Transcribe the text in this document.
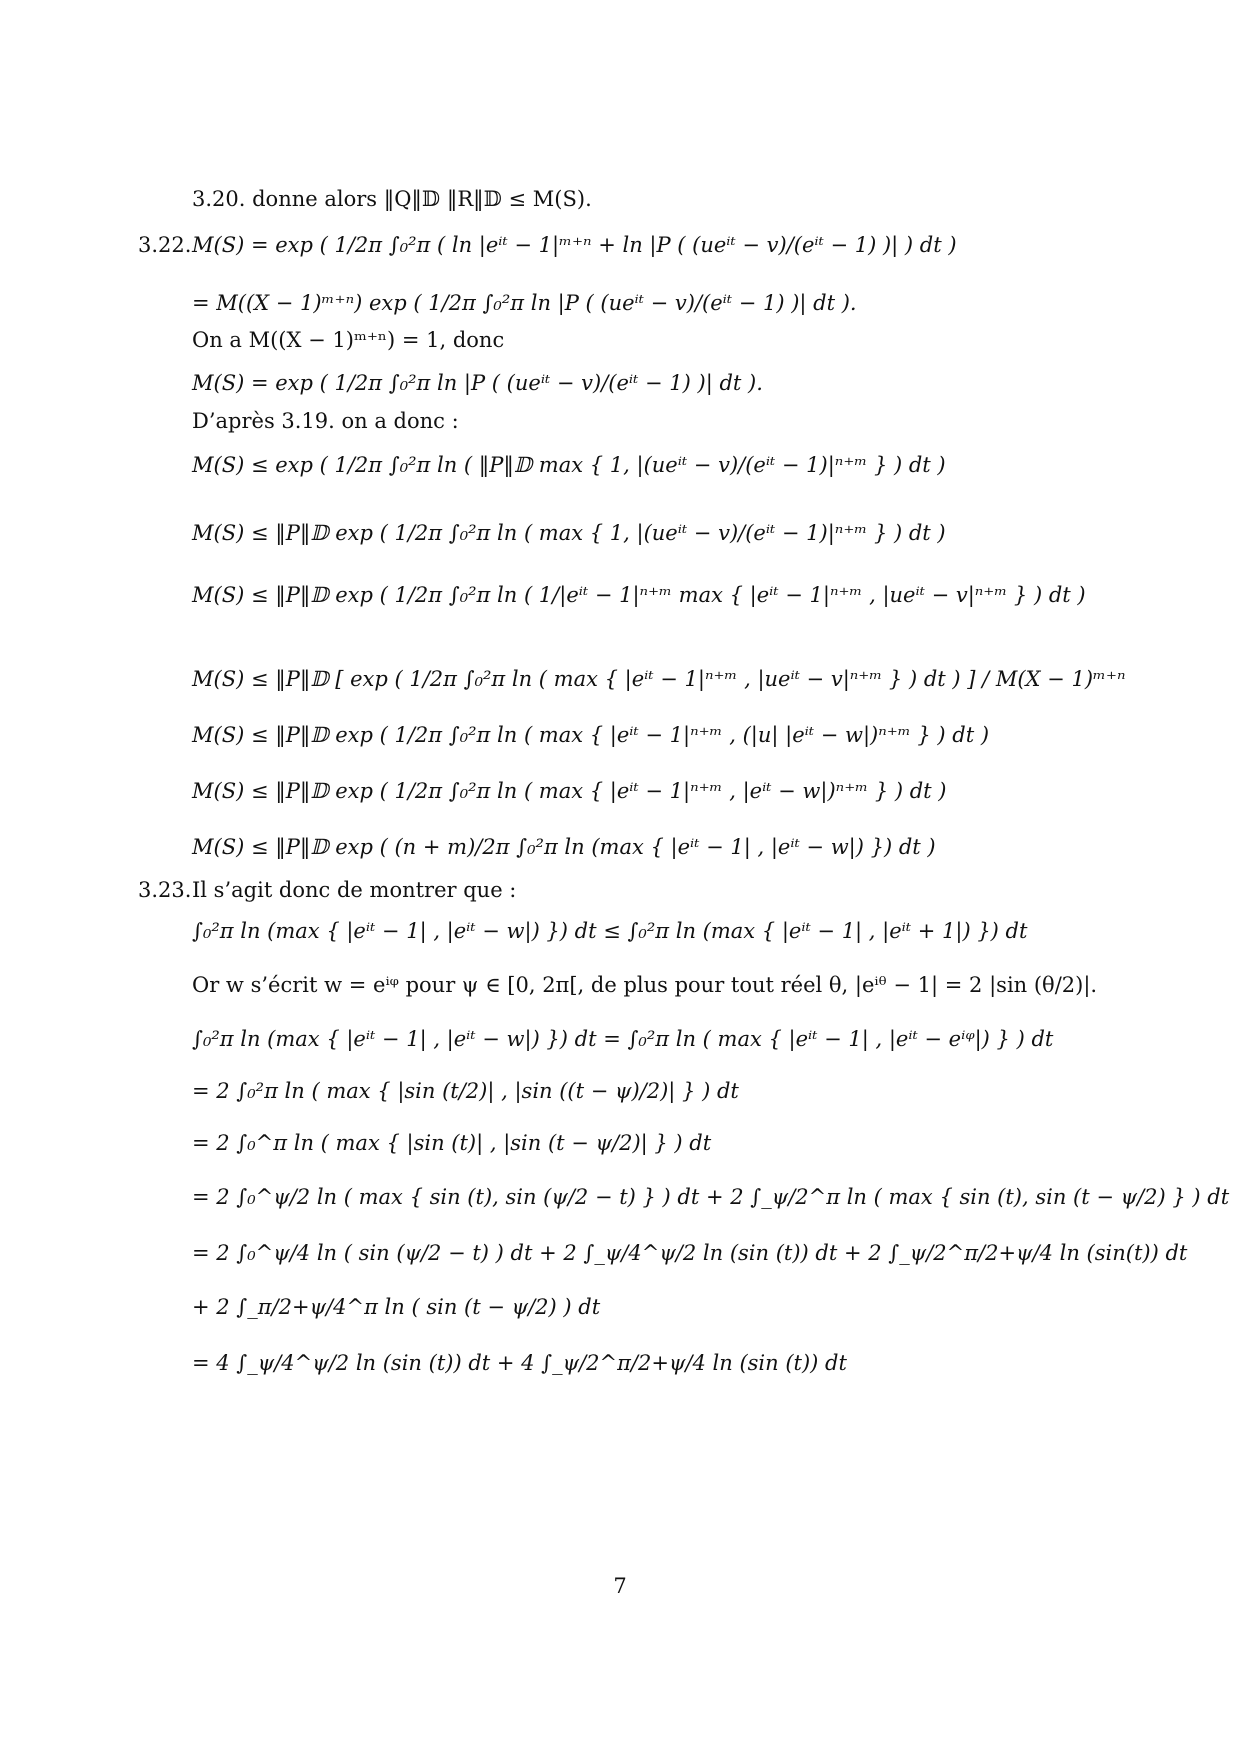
3.20. donne alors ‖Q‖𝔻 ‖R‖𝔻 ≤ M(S).
3.22. M(S) = exp ( 1/2π ∫₀²π ( ln |eⁱᵗ − 1|ᵐ⁺ⁿ + ln |P ( (ueⁱᵗ − v)/(eⁱᵗ − 1) )| ) dt )
= M((X − 1)ᵐ⁺ⁿ) exp ( 1/2π ∫₀²π ln |P ( (ueⁱᵗ − v)/(eⁱᵗ − 1) )| dt ).
On a M((X − 1)ᵐ⁺ⁿ) = 1, donc
M(S) = exp ( 1/2π ∫₀²π ln |P ( (ueⁱᵗ − v)/(eⁱᵗ − 1) )| dt ).
D’après 3.19. on a donc :
M(S) ≤ exp ( 1/2π ∫₀²π ln ( ‖P‖𝔻 max { 1, |(ueⁱᵗ − v)/(eⁱᵗ − 1)|ⁿ⁺ᵐ } ) dt )
M(S) ≤ ‖P‖𝔻 exp ( 1/2π ∫₀²π ln ( max { 1, |(ueⁱᵗ − v)/(eⁱᵗ − 1)|ⁿ⁺ᵐ } ) dt )
M(S) ≤ ‖P‖𝔻 exp ( 1/2π ∫₀²π ln ( 1/|eⁱᵗ − 1|ⁿ⁺ᵐ max { |eⁱᵗ − 1|ⁿ⁺ᵐ , |ueⁱᵗ − v|ⁿ⁺ᵐ } ) dt )
M(S) ≤ ‖P‖𝔻 [ exp ( 1/2π ∫₀²π ln ( max { |eⁱᵗ − 1|ⁿ⁺ᵐ , |ueⁱᵗ − v|ⁿ⁺ᵐ } ) dt ) ] / M(X − 1)ᵐ⁺ⁿ
M(S) ≤ ‖P‖𝔻 exp ( 1/2π ∫₀²π ln ( max { |eⁱᵗ − 1|ⁿ⁺ᵐ , (|u| |eⁱᵗ − w|)ⁿ⁺ᵐ } ) dt )
M(S) ≤ ‖P‖𝔻 exp ( 1/2π ∫₀²π ln ( max { |eⁱᵗ − 1|ⁿ⁺ᵐ , |eⁱᵗ − w|)ⁿ⁺ᵐ } ) dt )
M(S) ≤ ‖P‖𝔻 exp ( (n + m)/2π ∫₀²π ln (max { |eⁱᵗ − 1| , |eⁱᵗ − w|) }) dt )
3.23. Il s’agit donc de montrer que :
∫₀²π ln (max { |eⁱᵗ − 1| , |eⁱᵗ − w|) }) dt ≤ ∫₀²π ln (max { |eⁱᵗ − 1| , |eⁱᵗ + 1|) }) dt
Or w s’écrit w = eⁱᵠ pour ψ ∈ [0, 2π[, de plus pour tout réel θ, |eⁱᶿ − 1| = 2 |sin (θ/2)|.
∫₀²π ln (max { |eⁱᵗ − 1| , |eⁱᵗ − w|) }) dt = ∫₀²π ln ( max { |eⁱᵗ − 1| , |eⁱᵗ − eⁱᵠ|) } ) dt
= 2 ∫₀²π ln ( max { |sin (t/2)| , |sin ((t − ψ)/2)| } ) dt
= 2 ∫₀^π ln ( max { |sin (t)| , |sin (t − ψ/2)| } ) dt
= 2 ∫₀^ψ/2 ln ( max { sin (t), sin (ψ/2 − t) } ) dt + 2 ∫_ψ/2^π ln ( max { sin (t), sin (t − ψ/2) } ) dt
= 2 ∫₀^ψ/4 ln ( sin (ψ/2 − t) ) dt + 2 ∫_ψ/4^ψ/2 ln (sin (t)) dt + 2 ∫_ψ/2^π/2+ψ/4 ln (sin(t)) dt
+ 2 ∫_π/2+ψ/4^π ln ( sin (t − ψ/2) ) dt
= 4 ∫_ψ/4^ψ/2 ln (sin (t)) dt + 4 ∫_ψ/2^π/2+ψ/4 ln (sin (t)) dt
7
